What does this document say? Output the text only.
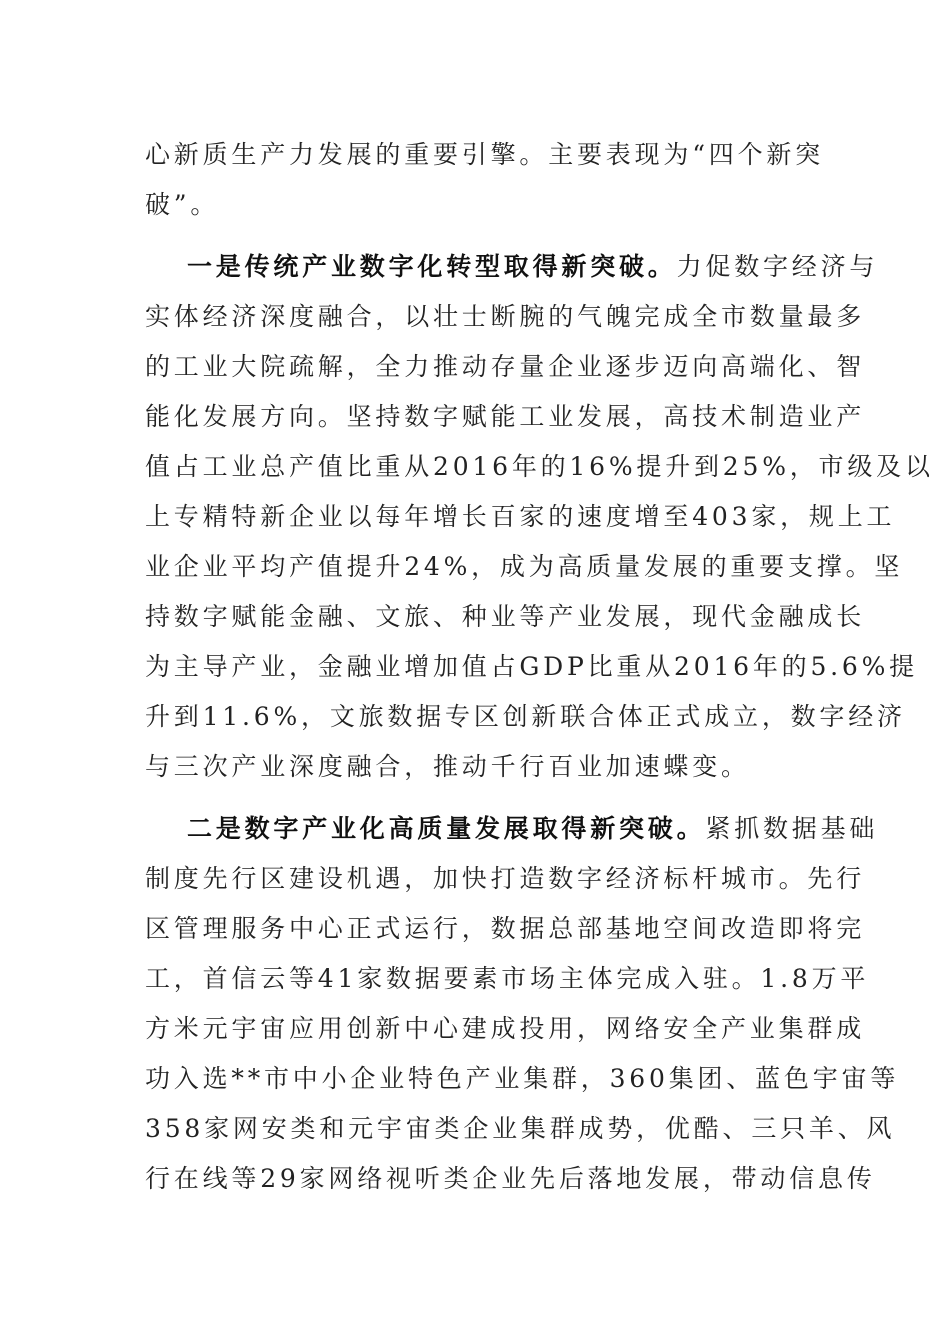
心新质生产力发展的重要引擎。主要表现为“四个新突
破”。
一是传统产业数字化转型取得新突破。力促数字经济与
实体经济深度融合，以壮士断腕的气魄完成全市数量最多
的工业大院疏解，全力推动存量企业逐步迈向高端化、智
能化发展方向。坚持数字赋能工业发展，高技术制造业产
值占工业总产值比重从2016年的16%提升到25%，市级及以
上专精特新企业以每年增长百家的速度增至403家，规上工
业企业平均产值提升24%，成为高质量发展的重要支撑。坚
持数字赋能金融、文旅、种业等产业发展，现代金融成长
为主导产业，金融业增加值占GDP比重从2016年的5.6%提
升到11.6%，文旅数据专区创新联合体正式成立，数字经济
与三次产业深度融合，推动千行百业加速蝶变。
二是数字产业化高质量发展取得新突破。紧抓数据基础
制度先行区建设机遇，加快打造数字经济标杆城市。先行
区管理服务中心正式运行，数据总部基地空间改造即将完
工，首信云等41家数据要素市场主体完成入驻。1.8万平
方米元宇宙应用创新中心建成投用，网络安全产业集群成
功入选**市中小企业特色产业集群，360集团、蓝色宇宙等
358家网安类和元宇宙类企业集群成势，优酷、三只羊、风
行在线等29家网络视听类企业先后落地发展，带动信息传
